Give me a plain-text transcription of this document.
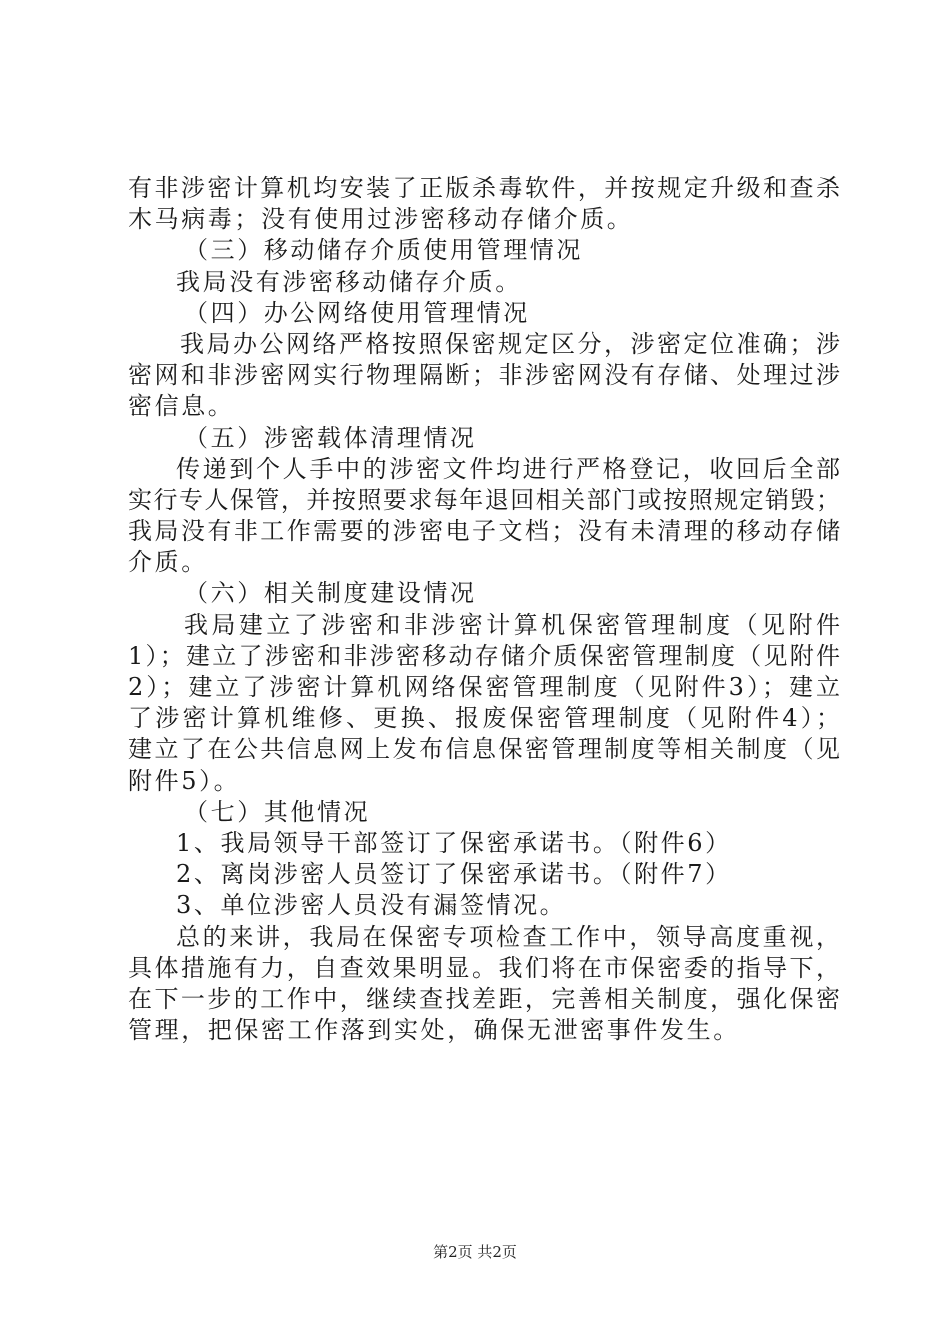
有非涉密计算机均安装了正版杀毒软件，并按规定升级和查杀
木马病毒；没有使用过涉密移动存储介质。
（三）移动储存介质使用管理情况
我局没有涉密移动储存介质。
（四）办公网络使用管理情况
我局办公网络严格按照保密规定区分，涉密定位准确；涉
密网和非涉密网实行物理隔断；非涉密网没有存储、处理过涉
密信息。
（五）涉密载体清理情况
传递到个人手中的涉密文件均进行严格登记，收回后全部
实行专人保管，并按照要求每年退回相关部门或按照规定销毁；
我局没有非工作需要的涉密电子文档；没有未清理的移动存储
介质。
（六）相关制度建设情况
我局建立了涉密和非涉密计算机保密管理制度（见附件
1）；建立了涉密和非涉密移动存储介质保密管理制度（见附件
2）；建立了涉密计算机网络保密管理制度（见附件3）；建立
了涉密计算机维修、更换、报废保密管理制度（见附件4）；
建立了在公共信息网上发布信息保密管理制度等相关制度（见
附件5）。
（七）其他情况
1、我局领导干部签订了保密承诺书。（附件6）
2、离岗涉密人员签订了保密承诺书。（附件7）
3、单位涉密人员没有漏签情况。
总的来讲，我局在保密专项检查工作中，领导高度重视，
具体措施有力，自查效果明显。我们将在市保密委的指导下，
在下一步的工作中，继续查找差距，完善相关制度，强化保密
管理，把保密工作落到实处，确保无泄密事件发生。
第2页 共2页
